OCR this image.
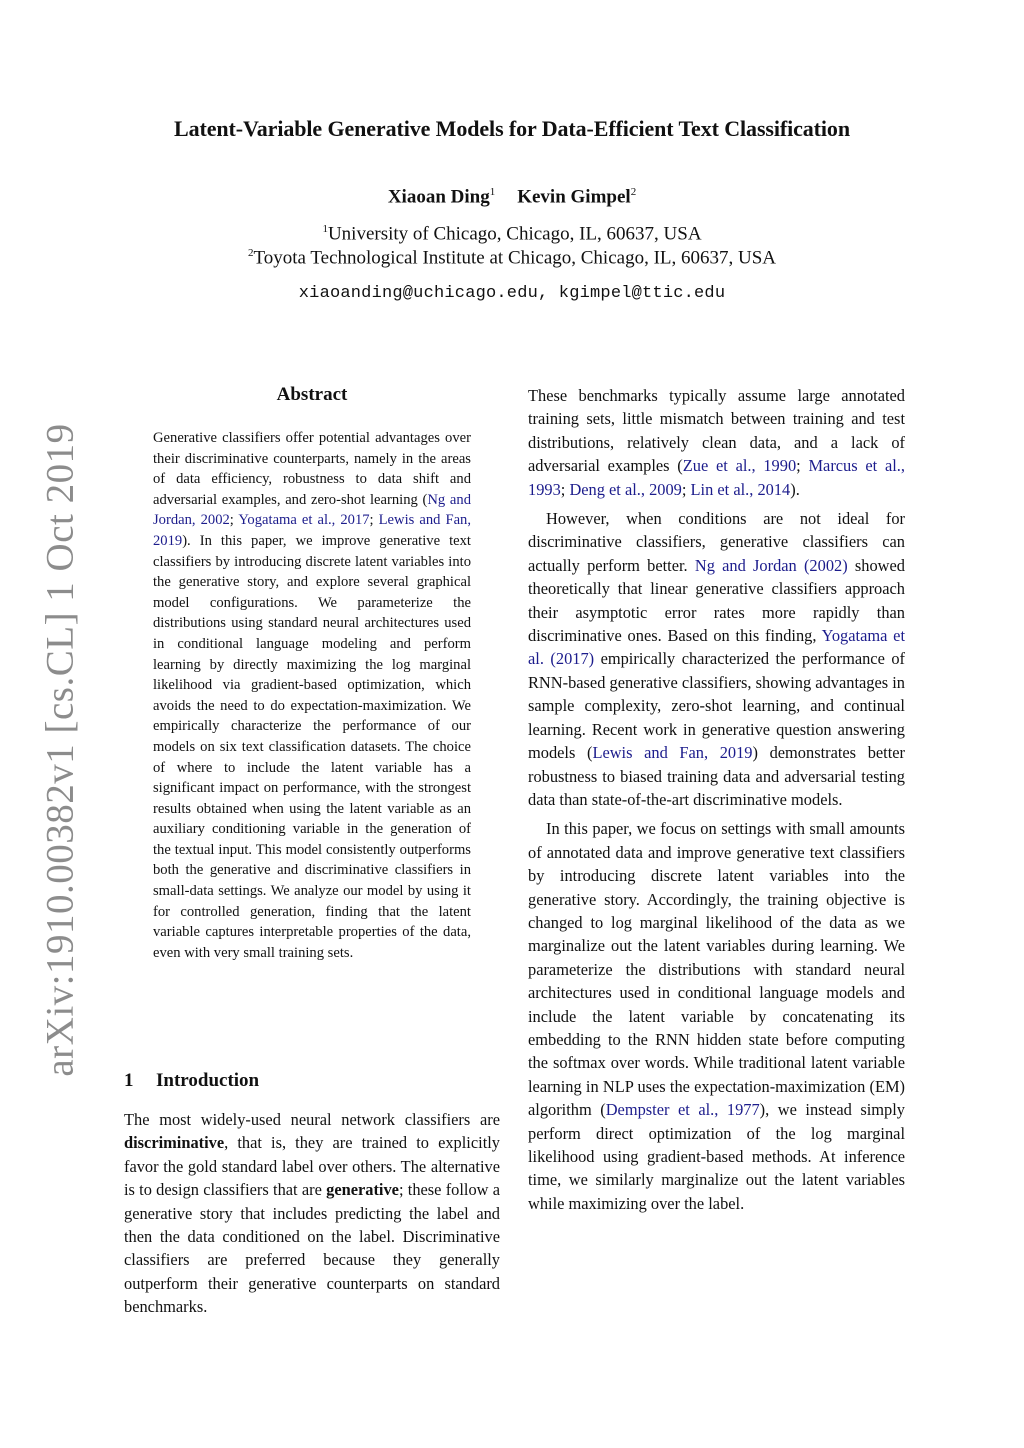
arXiv:1910.00382v1 [cs.CL] 1 Oct 2019
Latent-Variable Generative Models for Data-Efficient Text Classification
Xiaoan Ding$^1$ Kevin Gimpel$^2$
$^1$University of Chicago, Chicago, IL, 60637, USA
$^2$Toyota Technological Institute at Chicago, Chicago, IL, 60637, USA
xiaoanding@uchicago.edu, kgimpel@ttic.edu
Abstract

Generative classifiers offer potential advantages over their discriminative counterparts, namely in the areas of data efficiency, robustness to data shift and adversarial examples, and zero-shot learning (Ng and Jordan, 2002; Yogatama et al., 2017; Lewis and Fan, 2019). In this paper, we improve generative text classifiers by introducing discrete latent variables into the generative story, and explore several graphical model configurations. We parameterize the distributions using standard neural architectures used in conditional language modeling and perform learning by directly maximizing the log marginal likelihood via gradient-based optimization, which avoids the need to do expectation-maximization. We empirically characterize the performance of our models on six text classification datasets. The choice of where to include the latent variable has a significant impact on performance, with the strongest results obtained when using the latent variable as an auxiliary conditioning variable in the generation of the textual input. This model consistently outperforms both the generative and discriminative classifiers in small-data settings. We analyze our model by using it for controlled generation, finding that the latent variable captures interpretable properties of the data, even with very small training sets.

1 Introduction

The most widely-used neural network classifiers are discriminative, that is, they are trained to explicitly favor the gold standard label over others. The alternative is to design classifiers that are generative; these follow a generative story that includes predicting the label and then the data conditioned on the label. Discriminative classifiers are preferred because they generally outperform their generative counterparts on standard benchmarks.

These benchmarks typically assume large annotated training sets, little mismatch between training and test distributions, relatively clean data, and a lack of adversarial examples (Zue et al., 1990; Marcus et al., 1993; Deng et al., 2009; Lin et al., 2014).

However, when conditions are not ideal for discriminative classifiers, generative classifiers can actually perform better. Ng and Jordan (2002) showed theoretically that linear generative classifiers approach their asymptotic error rates more rapidly than discriminative ones. Based on this finding, Yogatama et al. (2017) empirically characterized the performance of RNN-based generative classifiers, showing advantages in sample complexity, zero-shot learning, and continual learning. Recent work in generative question answering models (Lewis and Fan, 2019) demonstrates better robustness to biased training data and adversarial testing data than state-of-the-art discriminative models.

In this paper, we focus on settings with small amounts of annotated data and improve generative text classifiers by introducing discrete latent variables into the generative story. Accordingly, the training objective is changed to log marginal likelihood of the data as we marginalize out the latent variables during learning. We parameterize the distributions with standard neural architectures used in conditional language models and include the latent variable by concatenating its embedding to the RNN hidden state before computing the softmax over words. While traditional latent variable learning in NLP uses the expectation-maximization (EM) algorithm (Dempster et al., 1977), we instead simply perform direct optimization of the log marginal likelihood using gradient-based methods. At inference time, we similarly marginalize out the latent variables while maximizing over the label.
